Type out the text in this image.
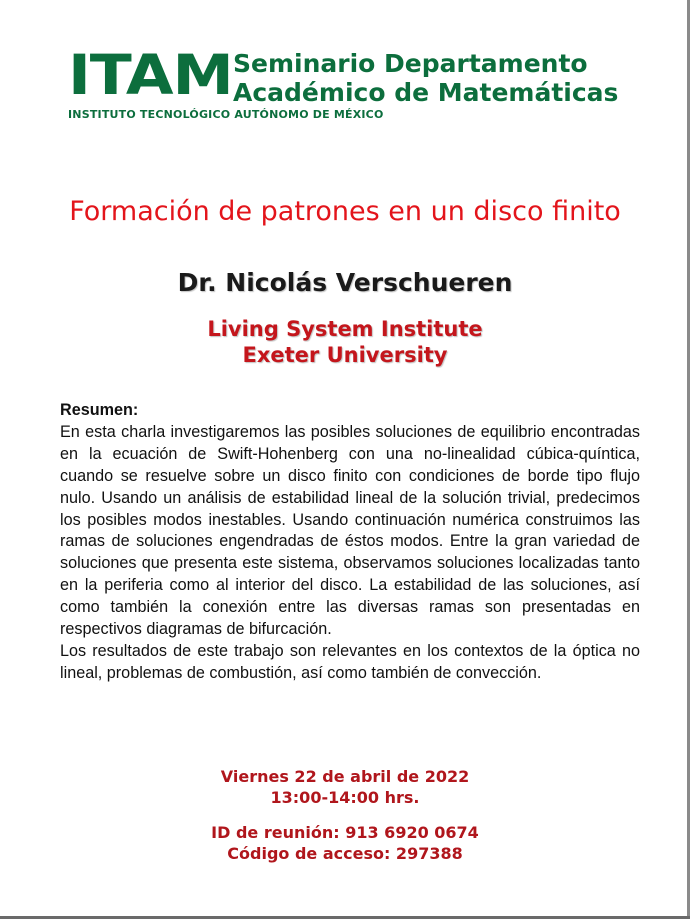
ITAM
INSTITUTO TECNOLÓGICO AUTÓNOMO DE MÉXICO
Seminario Departamento
Académico de Matemáticas
Formación de patrones en un disco finito
Dr. Nicolás Verschueren
Living System Institute
Exeter University
Resumen:

En esta charla investigaremos las posibles soluciones de equilibrio encontradas en la ecuación de Swift-Hohenberg con una no-linealidad cúbica-quíntica, cuando se resuelve sobre un disco finito con condiciones de borde tipo flujo nulo. Usando un análisis de estabilidad lineal de la solución trivial, predecimos los posibles modos inestables. Usando continuación numérica construimos las ramas de soluciones engendradas de éstos modos. Entre la gran variedad de soluciones que presenta este sistema, observamos soluciones localizadas tanto en la periferia como al interior del disco. La estabilidad de las soluciones, así como también la conexión entre las diversas ramas son presentadas en respectivos diagramas de bifurcación.

Los resultados de este trabajo son relevantes en los contextos de la óptica no lineal, problemas de combustión, así como también de convección.

Viernes 22 de abril de 2022
13:00-14:00 hrs.
ID de reunión: 913 6920 0674
Código de acceso: 297388
